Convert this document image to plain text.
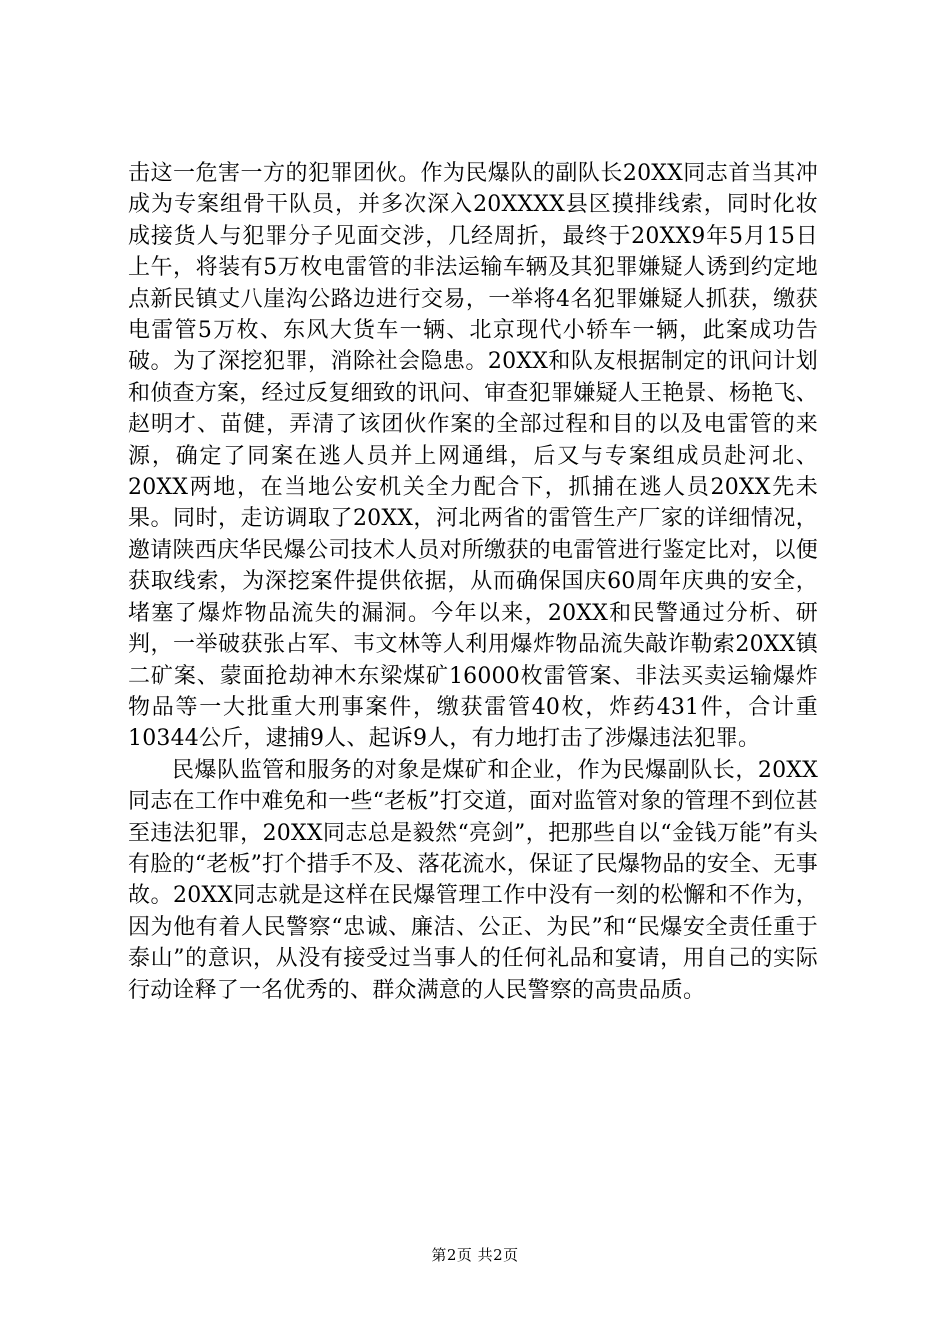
击这一危害一方的犯罪团伙。作为民爆队的副队长20XX同志首当其冲成为专案组骨干队员，并多次深入20XXXX县区摸排线索，同时化妆成接货人与犯罪分子见面交涉，几经周折，最终于20XX9年5月15日上午，将装有5万枚电雷管的非法运输车辆及其犯罪嫌疑人诱到约定地点新民镇丈八崖沟公路边进行交易，一举将4名犯罪嫌疑人抓获，缴获电雷管5万枚、东风大货车一辆、北京现代小轿车一辆，此案成功告破。为了深挖犯罪，消除社会隐患。20XX和队友根据制定的讯问计划和侦查方案，经过反复细致的讯问、审查犯罪嫌疑人王艳景、杨艳飞、赵明才、苗健，弄清了该团伙作案的全部过程和目的以及电雷管的来源，确定了同案在逃人员并上网通缉，后又与专案组成员赴河北、20XX两地，在当地公安机关全力配合下，抓捕在逃人员20XX先未果。同时，走访调取了20XX，河北两省的雷管生产厂家的详细情况，邀请陕西庆华民爆公司技术人员对所缴获的电雷管进行鉴定比对，以便获取线索，为深挖案件提供依据，从而确保国庆60周年庆典的安全，堵塞了爆炸物品流失的漏洞。今年以来，20XX和民警通过分析、研判，一举破获张占军、韦文林等人利用爆炸物品流失敲诈勒索20XX镇二矿案、蒙面抢劫神木东梁煤矿16000枚雷管案、非法买卖运输爆炸物品等一大批重大刑事案件，缴获雷管40枚，炸药431件，合计重10344公斤，逮捕9人、起诉9人，有力地打击了涉爆违法犯罪。

民爆队监管和服务的对象是煤矿和企业，作为民爆副队长，20XX同志在工作中难免和一些“老板”打交道，面对监管对象的管理不到位甚至违法犯罪，20XX同志总是毅然“亮剑”，把那些自以“金钱万能”有头有脸的“老板”打个措手不及、落花流水，保证了民爆物品的安全、无事故。20XX同志就是这样在民爆管理工作中没有一刻的松懈和不作为，因为他有着人民警察“忠诚、廉洁、公正、为民”和“民爆安全责任重于泰山”的意识，从没有接受过当事人的任何礼品和宴请，用自己的实际行动诠释了一名优秀的、群众满意的人民警察的高贵品质。

第2页 共2页
